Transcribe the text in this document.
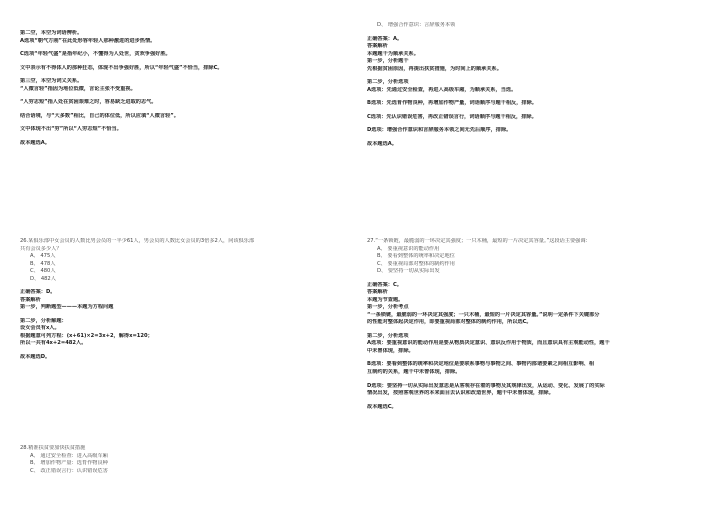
第二空，本空为词语辨析。
A选项“朝气方刚”在此处形容年轻人那种激进的进步热情。
C选项“年轻气盛”是指年纪小，不懂得为人处世，贪欢争强好胜。
文中表示有不得体人的那种狂态，体现不出争强好胜，所以“年轻气盛”不恰当，排除C。
第三空，本空为词义关系。
“人微言轻”指因为地位低微，言论主张不受重视。
“人穷志短”指人处在贫困艰难之时，容易缺乏进取的志气。
结合语境，与“大多数”相比，自己的体位低，所以应填“人微言轻”。
文中体现不出“穷”所以“人穷志短”不恰当。
故本题选A。
26.某俱乐部中女会员的人数比男会员的一半少61人，男会员的人数比女会员的3倍多2人，问该俱乐部
共有会员多少人？
A、 475人
B、 478人
C、 480人
D、 482人
正确答案：D。
答案解析
第一步，判断题型———本题为方程问题
第二步，分析解题：
设女会员有x人。
根据题意可列方程：(x+61)×2=3x+2，解得x=120；
所以一共有4x+2=482人。
故本题选D。
28.精准扶贫要加快扶贫措施
A、 通过安全检查：进入高级车厢
B、 增加作物产量：选育作物良种
C、 改正错误言行：认识错误危害
D、 增强合作意识：言辞服务本领
正确答案：A。
答案解析
本题题干为顺承关系。
第一步，分析题干
先根据贫困原因，再提出扶贫措施，为时间上的顺承关系。
第二步，分析选项
A选项：先通过安全检查，再进入高级车厢，为顺承关系，当选。
B选项：先选育作物良种，再增加作物产量，词语顺序与题干相反，排除。
C选项：先认识错误危害，再改正错误言行，词语顺序与题干相反，排除。
D选项：增强合作意识和言辞服务本领之间无先后顺序，排除。
故本题选A。
27.“一条锁链，最脆弱的一环决定其强度；一只木桶，最短的一片决定其容量。”这段话主要强调：
A、 要重视意识的能动作用
B、 要看到整体的统率和决定地位
C、 要重视局部对整体的制约作用
D、 要坚持一切从实际出发
正确答案：C。
答案解析
本题为节查题。
第一步，分析考点
“一条锁链，最脆弱的一环决定其强度；一只木桶，最短的一片决定其容量。”说明一定条件下关键部分
的性能对整体起决定作用，即要重视局部对整体的制约作用，所以选C。
第二步，分析选项
A选项：要重视意识的能动作用是要从物质决定意识、意识反作用于物质，而且意识具有主观能动性，题干
中未曾体现，排除。
B选项：要看到整体的统率和决定地位是要联系事物与事物之间、事物内部诸要素之间相互影响、相
互制约的关系，题干中未曾体现，排除。
D选项：要坚持一切从实际出发意思是从客观存在着的事物及其规律出发，从运动、变化、发展了的实际
情况出发，按照客观世界的本来面目去认识和改造世界，题干中未曾体现，排除。
故本题选C。
